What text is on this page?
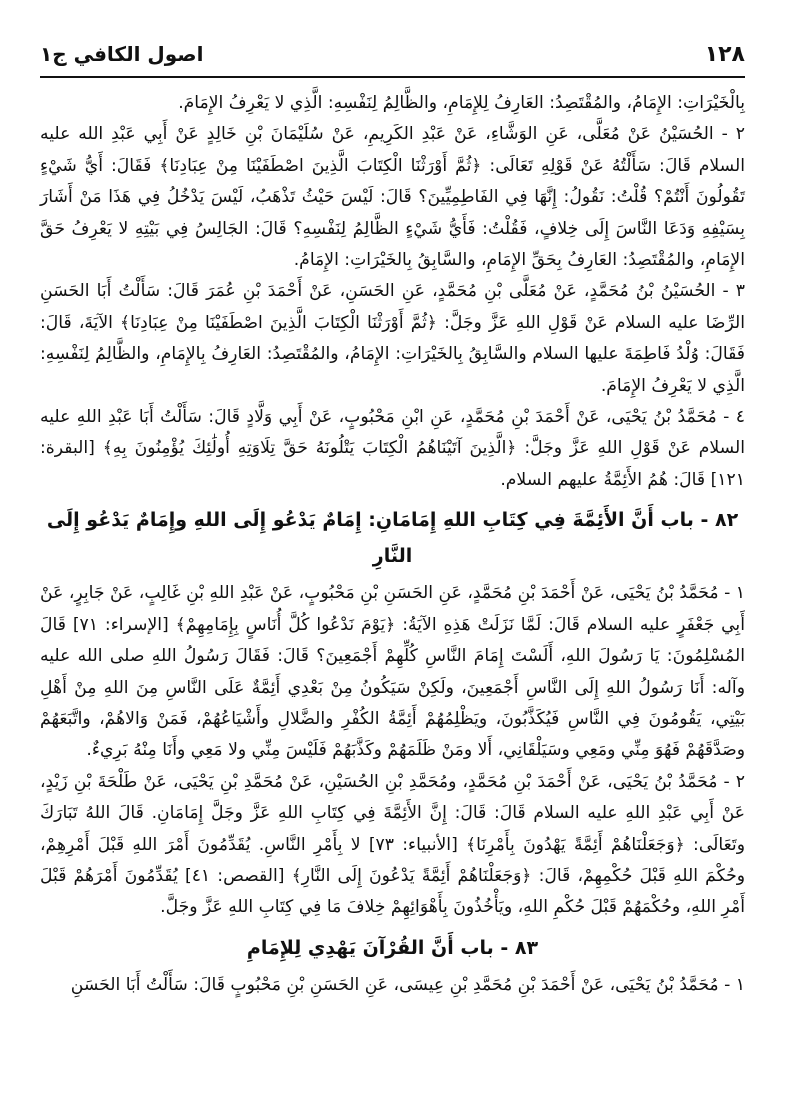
١٢٨
اصول الكافي ج١

بِالْخَيْرَاتِ: الإِمَامُ، والمُقْتَصِدُ: العَارِفُ لِلإِمَامِ، والظَّالِمُ لِنَفْسِهِ: الَّذِي لا يَعْرِفُ الإِمَامَ.

٢ - الحُسَيْنُ عَنْ مُعَلَّى، عَنِ الوَشَّاءِ، عَنْ عَبْدِ الكَرِيمِ، عَنْ سُلَيْمَانَ بْنِ خَالِدٍ عَنْ أَبِي عَبْدِ الله عليه السلام قَالَ: سَأَلْتُهُ عَنْ قَوْلِهِ تَعَالَى: ﴿ثُمَّ أَوْرَثْنَا الْكِتَابَ الَّذِينَ اصْطَفَيْنَا مِنْ عِبَادِنَا﴾ فَقَالَ: أَيُّ شَيْءٍ تَقُولُونَ أَنْتُمْ؟ قُلْتُ: نَقُولُ: إِنَّهَا فِي الفَاطِمِيِّينَ؟ قَالَ: لَيْسَ حَيْثُ تَذْهَبُ، لَيْسَ يَدْخُلُ فِي هَذَا مَنْ أَشَارَ بِسَيْفِهِ وَدَعَا النَّاسَ إِلَى خِلافٍ، فَقُلْتُ: فَأَيُّ شَيْءٍ الظَّالِمُ لِنَفْسِهِ؟ قَالَ: الجَالِسُ فِي بَيْتِهِ لا يَعْرِفُ حَقَّ الإِمَامِ، والمُقْتَصِدُ: العَارِفُ بِحَقِّ الإِمَامِ، والسَّابِقُ بِالخَيْرَاتِ: الإِمَامُ.

٣ - الحُسَيْنُ بْنُ مُحَمَّدٍ، عَنْ مُعَلَّى بْنِ مُحَمَّدٍ، عَنِ الحَسَنِ، عَنْ أَحْمَدَ بْنِ عُمَرَ قَالَ: سَأَلْتُ أَبَا الحَسَنِ الرِّضَا عليه السلام عَنْ قَوْلِ اللهِ عَزَّ وجَلَّ: ﴿ثُمَّ أَوْرَثْنَا الْكِتَابَ الَّذِينَ اصْطَفَيْنَا مِنْ عِبَادِنَا﴾ الآيَةَ، قَالَ: فَقَالَ: وُلْدُ فَاطِمَةَ عليها السلام والسَّابِقُ بِالخَيْرَاتِ: الإِمَامُ، والمُقْتَصِدُ: العَارِفُ بِالإِمَامِ، والظَّالِمُ لِنَفْسِهِ: الَّذِي لا يَعْرِفُ الإِمَامَ.

٤ - مُحَمَّدُ بْنُ يَحْيَى، عَنْ أَحْمَدَ بْنِ مُحَمَّدٍ، عَنِ ابْنِ مَحْبُوبٍ، عَنْ أَبِي وَلَّادٍ قَالَ: سَأَلْتُ أَبَا عَبْدِ اللهِ عليه السلام عَنْ قَوْلِ اللهِ عَزَّ وجَلَّ: ﴿الَّذِينَ آتَيْنَاهُمُ الْكِتَابَ يَتْلُونَهُ حَقَّ تِلَاوَتِهِ أُولَٰئِكَ يُؤْمِنُونَ بِهِ﴾ [البقرة: ١٢١] قَالَ: هُمُ الأَئِمَّةُ عليهم السلام.

٨٢ - باب أَنَّ الأَئِمَّةَ فِي كِتَابِ اللهِ إِمَامَانِ: إِمَامٌ يَدْعُو إِلَى اللهِ وإِمَامٌ يَدْعُو إِلَى النَّارِ

١ - مُحَمَّدُ بْنُ يَحْيَى، عَنْ أَحْمَدَ بْنِ مُحَمَّدٍ، عَنِ الحَسَنِ بْنِ مَحْبُوبٍ، عَنْ عَبْدِ اللهِ بْنِ غَالِبٍ، عَنْ جَابِرٍ، عَنْ أَبِي جَعْفَرٍ عليه السلام قَالَ: لَمَّا نَزَلَتْ هَذِهِ الآيَةُ: ﴿يَوْمَ نَدْعُوا كُلَّ أُنَاسٍ بِإِمَامِهِمْ﴾ [الإسراء: ٧١] قَالَ المُسْلِمُونَ: يَا رَسُولَ اللهِ، أَلَسْتَ إِمَامَ النَّاسِ كُلِّهِمْ أَجْمَعِينَ؟ قَالَ: فَقَالَ رَسُولُ اللهِ صلى الله عليه وآله: أَنَا رَسُولُ اللهِ إِلَى النَّاسِ أَجْمَعِينَ، ولَكِنْ سَيَكُونُ مِنْ بَعْدِي أَئِمَّةٌ عَلَى النَّاسِ مِنَ اللهِ مِنْ أَهْلِ بَيْتِي، يَقُومُونَ فِي النَّاسِ فَيُكَذَّبُونَ، ويَظْلِمُهُمْ أَئِمَّةُ الكُفْرِ والضَّلالِ وأَشْيَاعُهُمْ، فَمَنْ وَالاهُمْ، واتَّبَعَهُمْ وصَدَّقَهُمْ فَهُوَ مِنِّي ومَعِي وسَيَلْقَانِي، أَلا ومَنْ ظَلَمَهُمْ وكَذَّبَهُمْ فَلَيْسَ مِنِّي ولا مَعِي وأَنَا مِنْهُ بَرِيءٌ.

٢ - مُحَمَّدُ بْنُ يَحْيَى، عَنْ أَحْمَدَ بْنِ مُحَمَّدٍ، ومُحَمَّدِ بْنِ الحُسَيْنِ، عَنْ مُحَمَّدِ بْنِ يَحْيَى، عَنْ طَلْحَةَ بْنِ زَيْدٍ، عَنْ أَبِي عَبْدِ اللهِ عليه السلام قَالَ: قَالَ: إِنَّ الأَئِمَّةَ فِي كِتَابِ اللهِ عَزَّ وجَلَّ إِمَامَانِ. قَالَ اللهُ تَبَارَكَ وتَعَالَى: ﴿وَجَعَلْنَاهُمْ أَئِمَّةً يَهْدُونَ بِأَمْرِنَا﴾ [الأنبياء: ٧٣] لا بِأَمْرِ النَّاسِ. يُقَدِّمُونَ أَمْرَ اللهِ قَبْلَ أَمْرِهِمْ، وحُكْمَ اللهِ قَبْلَ حُكْمِهِمْ، قَالَ: ﴿وَجَعَلْنَاهُمْ أَئِمَّةً يَدْعُونَ إِلَى النَّارِ﴾ [القصص: ٤١] يُقَدِّمُونَ أَمْرَهُمْ قَبْلَ أَمْرِ اللهِ، وحُكْمَهُمْ قَبْلَ حُكْمِ اللهِ، ويَأْخُذُونَ بِأَهْوَائِهِمْ خِلافَ مَا فِي كِتَابِ اللهِ عَزَّ وجَلَّ.

٨٣ - باب أَنَّ القُرْآنَ يَهْدِي لِلإِمَامِ

١ - مُحَمَّدُ بْنُ يَحْيَى، عَنْ أَحْمَدَ بْنِ مُحَمَّدِ بْنِ عِيسَى، عَنِ الحَسَنِ بْنِ مَحْبُوبٍ قَالَ: سَأَلْتُ أَبَا الحَسَنِ
